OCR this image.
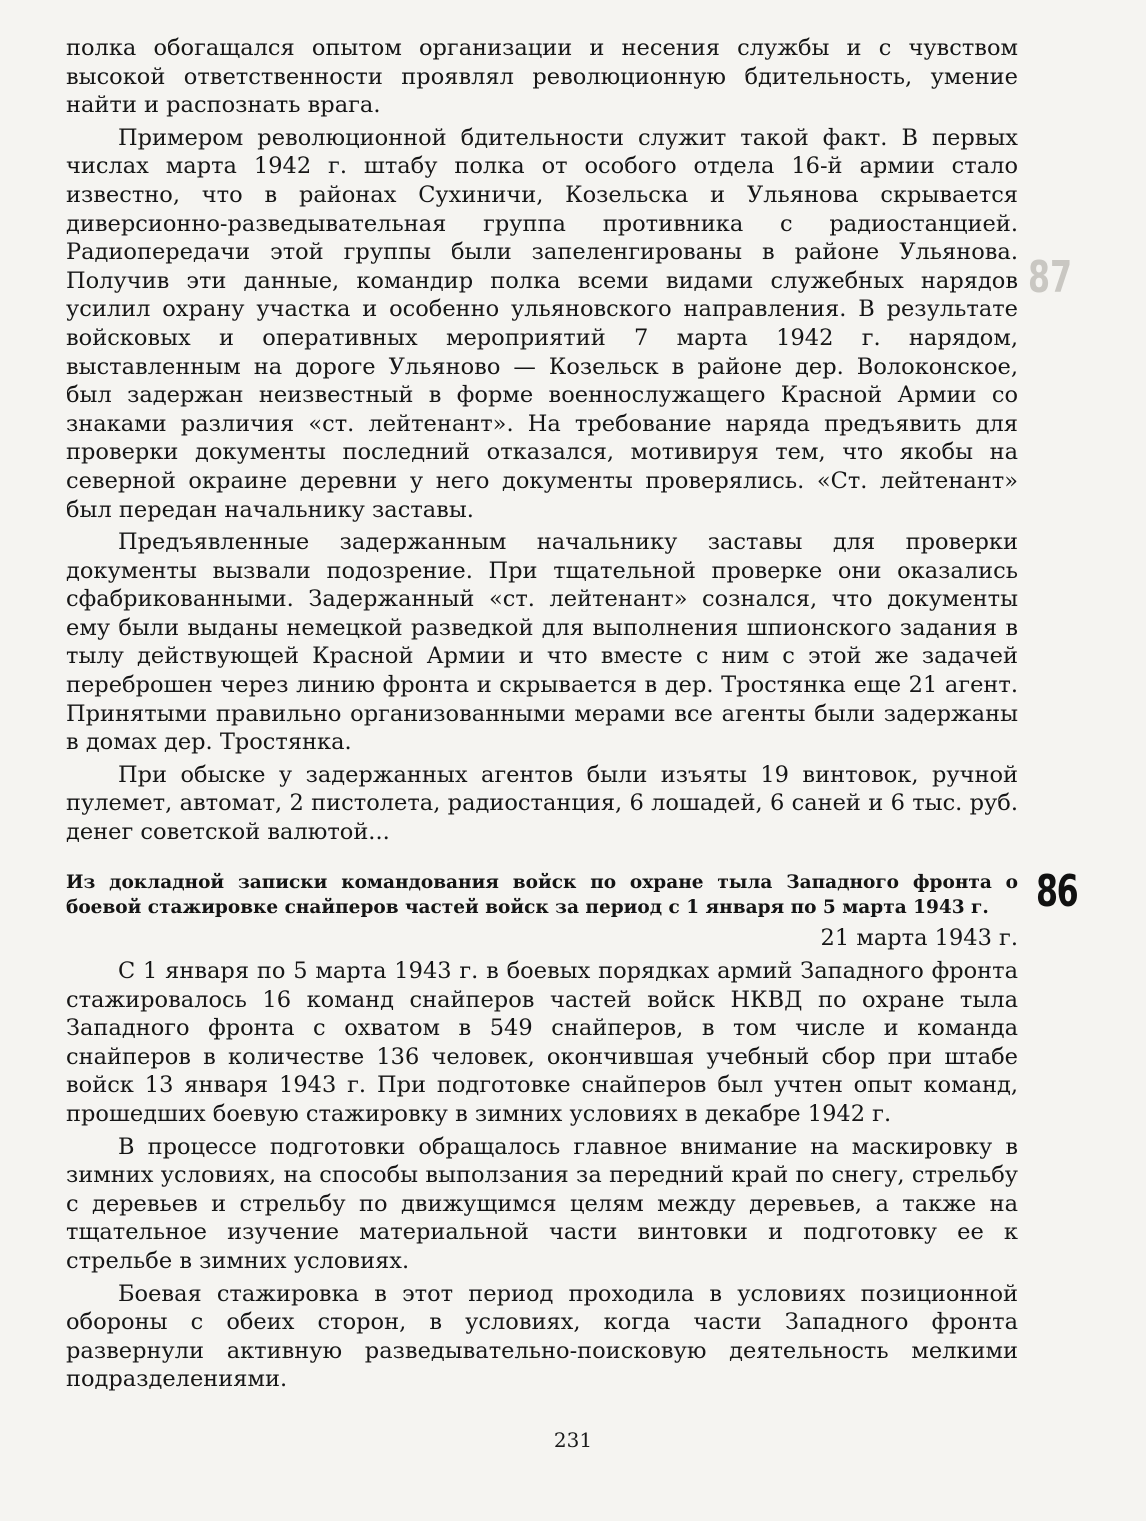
87

полка обогащался опытом организации и несения службы и с чувством высокой ответственности проявлял революционную бдительность, умение найти и распознать врага.

Примером революционной бдительности служит такой факт. В первых числах марта 1942 г. штабу полка от особого отдела 16-й армии стало известно, что в районах Сухиничи, Козельска и Ульянова скрывается диверсионно-разведывательная группа противника с радиостанцией. Радиопередачи этой группы были запеленгированы в районе Ульянова. Получив эти данные, командир полка всеми видами служебных нарядов усилил охрану участка и особенно ульяновского направления. В результате войсковых и оперативных мероприятий 7 марта 1942 г. нарядом, выставленным на дороге Ульяново — Козельск в районе дер. Волоконское, был задержан неизвестный в форме военнослужащего Красной Армии со знаками различия «ст. лейтенант». На требование наряда предъявить для проверки документы последний отказался, мотивируя тем, что якобы на северной окраине деревни у него документы проверялись. «Ст. лейтенант» был передан начальнику заставы.

Предъявленные задержанным начальнику заставы для проверки документы вызвали подозрение. При тщательной проверке они оказались сфабрикованными. Задержанный «ст. лейтенант» сознался, что документы ему были выданы немецкой разведкой для выполнения шпионского задания в тылу действующей Красной Армии и что вместе с ним с этой же задачей переброшен через линию фронта и скрывается в дер. Тростянка еще 21 агент. Принятыми правильно организованными мерами все агенты были задержаны в домах дер. Тростянка.

При обыске у задержанных агентов были изъяты 19 винтовок, ручной пулемет, автомат, 2 пистолета, радиостанция, 6 лошадей, 6 саней и 6 тыс. руб. денег советской валютой...

Из докладной записки командования войск по охране тыла Западного фронта о боевой стажировке снайперов частей войск за период с 1 января по 5 марта 1943 г.	86
21 марта 1943 г.

С 1 января по 5 марта 1943 г. в боевых порядках армий Западного фронта стажировалось 16 команд снайперов частей войск НКВД по охране тыла Западного фронта с охватом в 549 снайперов, в том числе и команда снайперов в количестве 136 человек, окончившая учебный сбор при штабе войск 13 января 1943 г. При подготовке снайперов был учтен опыт команд, прошедших боевую стажировку в зимних условиях в декабре 1942 г.

В процессе подготовки обращалось главное внимание на маскировку в зимних условиях, на способы выползания за передний край по снегу, стрельбу с деревьев и стрельбу по движущимся целям между деревьев, а также на тщательное изучение материальной части винтовки и подготовку ее к стрельбе в зимних условиях.

Боевая стажировка в этот период проходила в условиях позиционной обороны с обеих сторон, в условиях, когда части Западного фронта развернули активную разведывательно-поисковую деятельность мелкими подразделениями.

231
